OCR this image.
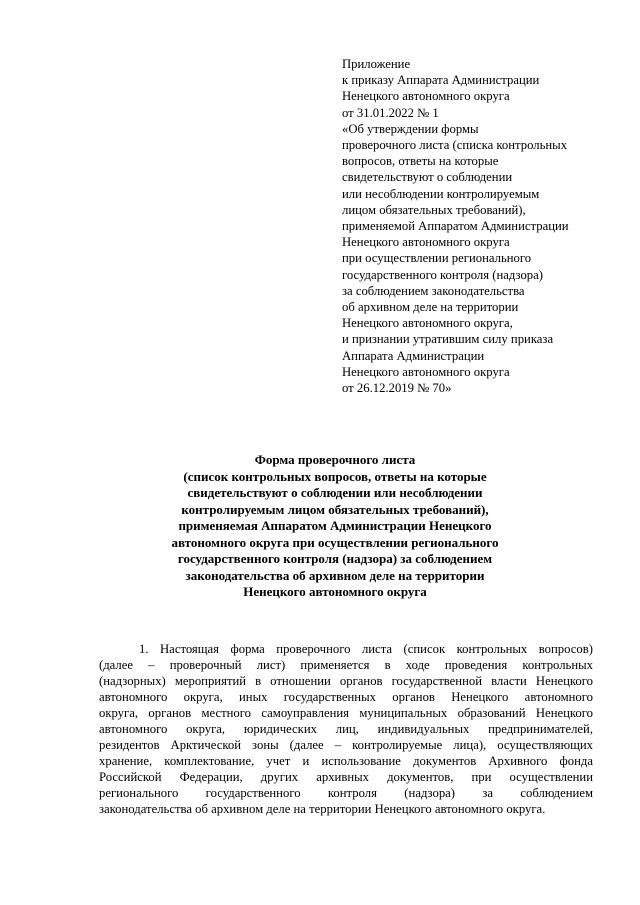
Приложение
к приказу Аппарата Администрации
Ненецкого автономного округа
от 31.01.2022 № 1
«Об утверждении формы
проверочного листа (списка контрольных
вопросов, ответы на которые
свидетельствуют о соблюдении
или несоблюдении контролируемым
лицом обязательных требований),
применяемой Аппаратом Администрации
Ненецкого автономного округа
при осуществлении регионального
государственного контроля (надзора)
за соблюдением законодательства
об архивном деле на территории
Ненецкого автономного округа,
и признании утратившим силу приказа
Аппарата Администрации
Ненецкого автономного округа
от 26.12.2019 № 70»
Форма проверочного листа
(список контрольных вопросов, ответы на которые
свидетельствуют о соблюдении или несоблюдении
контролируемым лицом обязательных требований),
применяемая Аппаратом Администрации Ненецкого
автономного округа при осуществлении регионального
государственного контроля (надзора) за соблюдением
законодательства об архивном деле на территории
Ненецкого автономного округа
1. Настоящая форма проверочного листа (список контрольных вопросов)
(далее – проверочный лист) применяется в ходе проведения контрольных
(надзорных) мероприятий в отношении органов государственной власти Ненецкого
автономного округа, иных государственных органов Ненецкого автономного
округа, органов местного самоуправления муниципальных образований Ненецкого
автономного округа, юридических лиц, индивидуальных предпринимателей,
резидентов Арктической зоны (далее – контролируемые лица), осуществляющих
хранение, комплектование, учет и использование документов Архивного фонда
Российской Федерации, других архивных документов, при осуществлении
регионального государственного контроля (надзора) за соблюдением
законодательства об архивном деле на территории Ненецкого автономного округа.
